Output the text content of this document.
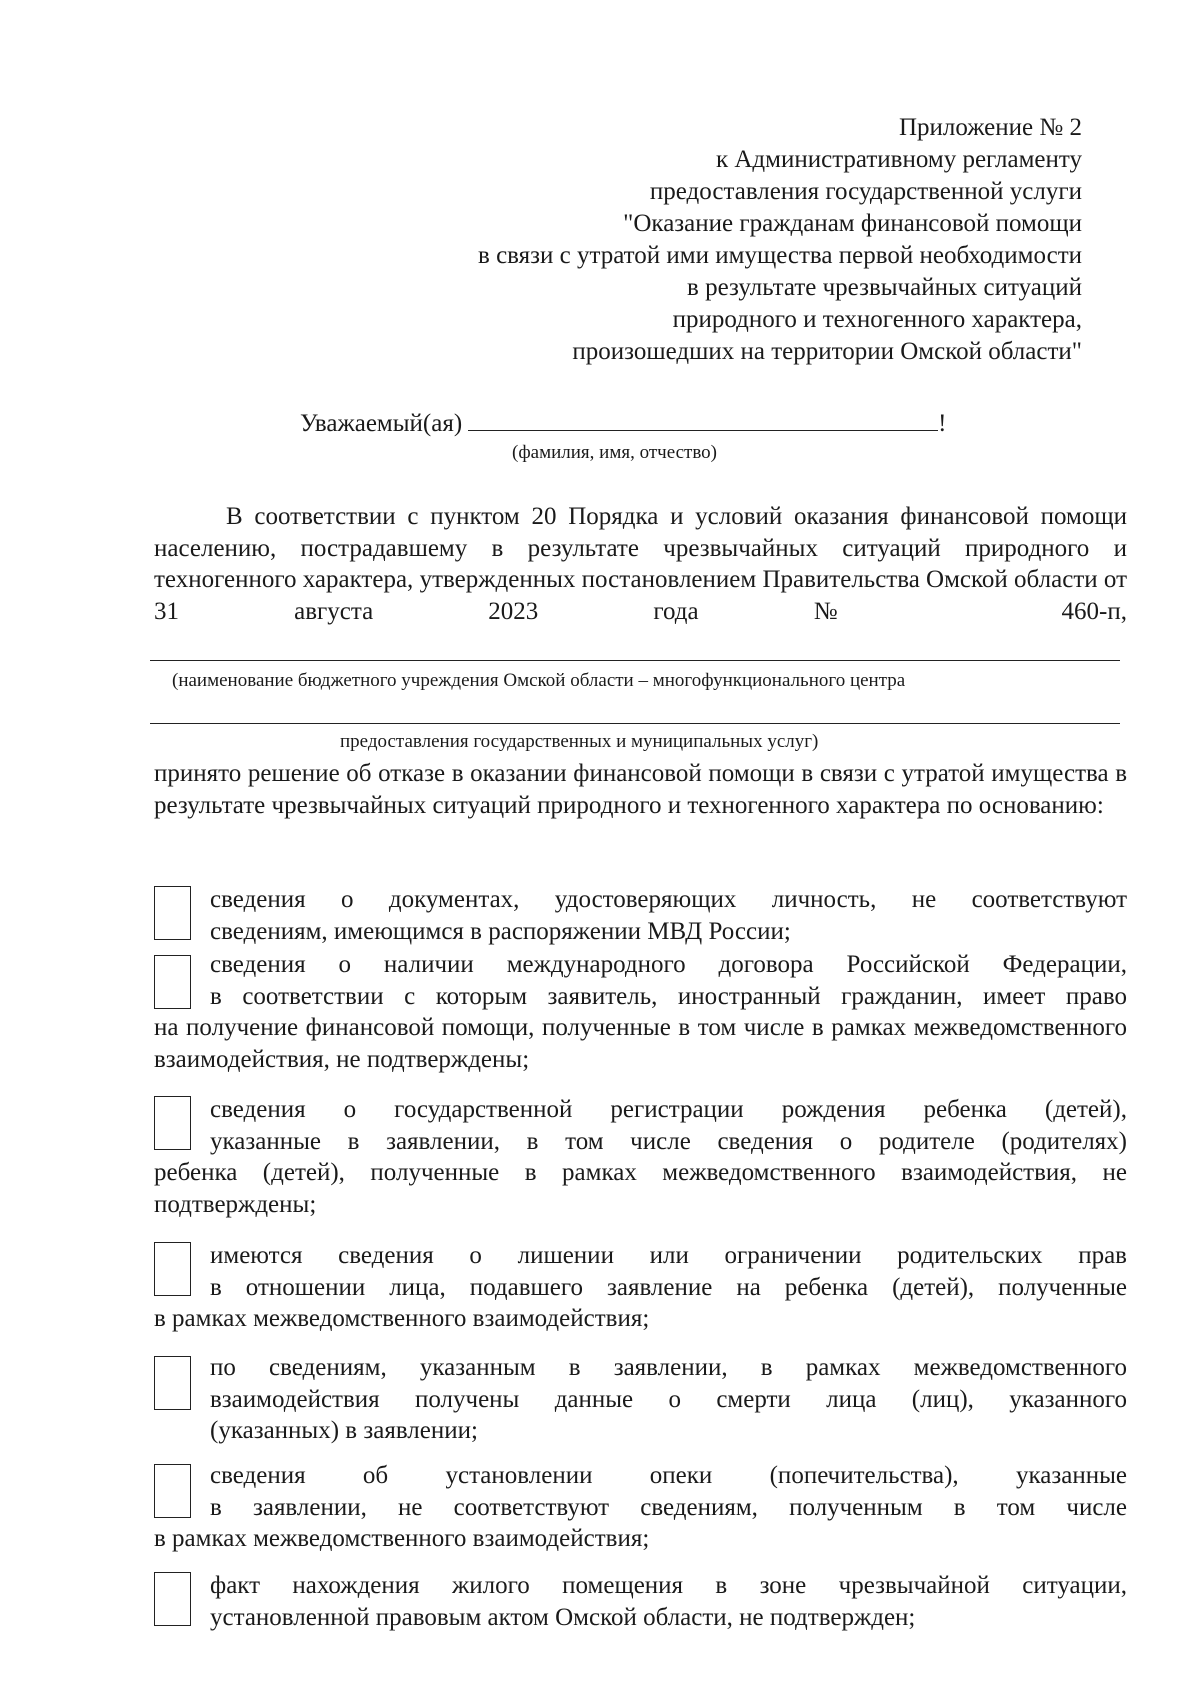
Приложение № 2
к Административному регламенту
предоставления государственной услуги
"Оказание гражданам финансовой помощи
в связи с утратой ими имущества первой необходимости
в результате чрезвычайных ситуаций
природного и техногенного характера,
произошедших на территории Омской области"
Уважаемый(ая)	!
(фамилия, имя, отчество)
В соответствии с пунктом 20 Порядка и условий оказания финансовой помощи населению, пострадавшему в результате чрезвычайных ситуаций природного и техногенного характера, утвержденных постановлением Правительства Омской области от 31 августа 2023 года № 460-п,
(наименование бюджетного учреждения Омской области – многофункционального центра
предоставления государственных и муниципальных услуг)
принято решение об отказе в оказании финансовой помощи в связи с утратой имущества в результате чрезвычайных ситуаций природного и техногенного характера по основанию:
сведения о документах, удостоверяющих личность, не соответствуют
сведениям, имеющимся в распоряжении МВД России;
сведения о наличии международного договора Российской Федерации,
в соответствии с которым заявитель, иностранный гражданин, имеет право
на получение финансовой помощи, полученные в том числе в рамках межведомственного взаимодействия, не подтверждены;
сведения о государственной регистрации рождения ребенка (детей),
указанные в заявлении, в том числе сведения о родителе (родителях)
ребенка (детей), полученные в рамках межведомственного взаимодействия, не подтверждены;
имеются сведения о лишении или ограничении родительских прав
в отношении лица, подавшего заявление на ребенка (детей), полученные
в рамках межведомственного взаимодействия;
по сведениям, указанным в заявлении, в рамках межведомственного
взаимодействия получены данные о смерти лица (лиц), указанного
(указанных) в заявлении;
сведения об установлении опеки (попечительства), указанные
в заявлении, не соответствуют сведениям, полученным в том числе
в рамках межведомственного взаимодействия;
факт нахождения жилого помещения в зоне чрезвычайной ситуации,
установленной правовым актом Омской области, не подтвержден;
